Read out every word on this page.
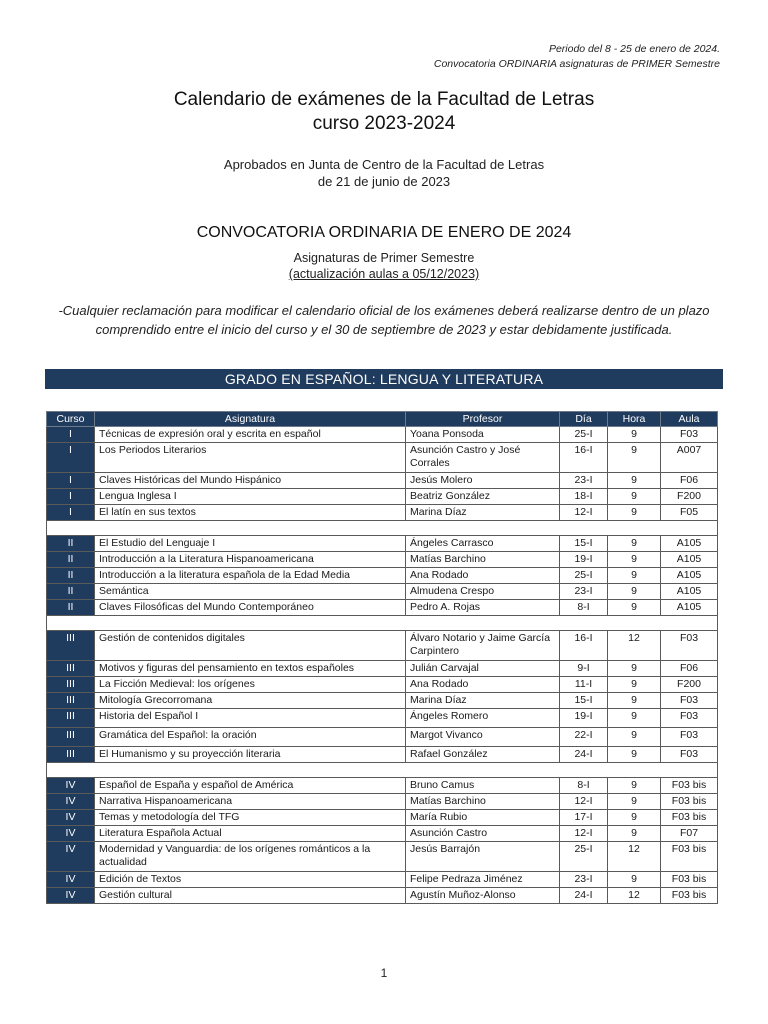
Periodo del 8 - 25 de enero de 2024.
Convocatoria ORDINARIA asignaturas de PRIMER Semestre
Calendario de exámenes de la Facultad de Letras
curso 2023-2024
Aprobados en Junta de Centro de la Facultad de Letras
de 21 de junio de 2023
CONVOCATORIA ORDINARIA DE ENERO DE 2024
Asignaturas de Primer Semestre
(actualización aulas a 05/12/2023)
-Cualquier reclamación para modificar el calendario oficial de los exámenes deberá realizarse dentro de un plazo comprendido entre el inicio del curso y el 30 de septiembre de 2023 y estar debidamente justificada.
GRADO EN ESPAÑOL: LENGUA Y LITERATURA
Curso	Asignatura	Profesor	Día	Hora	Aula
I	Técnicas de expresión oral y escrita en español	Yoana Ponsoda	25-I	9	F03
I	Los Periodos Literarios	Asunción Castro y José Corrales	16-I	9	A007
I	Claves Históricas del Mundo Hispánico	Jesús Molero	23-I	9	F06
I	Lengua Inglesa I	Beatriz González	18-I	9	F200
I	El latín en sus textos	Marina Díaz	12-I	9	F05

II	El Estudio del Lenguaje I	Ángeles Carrasco	15-I	9	A105
II	Introducción a la Literatura Hispanoamericana	Matías Barchino	19-I	9	A105
II	Introducción a la literatura española de la Edad Media	Ana Rodado	25-I	9	A105
II	Semántica	Almudena Crespo	23-I	9	A105
II	Claves Filosóficas del Mundo Contemporáneo	Pedro A. Rojas	8-I	9	A105

III	Gestión de contenidos digitales	Álvaro Notario y Jaime García Carpintero	16-I	12	F03
III	Motivos y figuras del pensamiento en textos españoles	Julián Carvajal	9-I	9	F06
III	La Ficción Medieval: los orígenes	Ana Rodado	11-I	9	F200
III	Mitología Grecorromana	Marina Díaz	15-I	9	F03
III	Historia del Español I	Ángeles Romero	19-I	9	F03
III	Gramática del Español: la oración	Margot Vivanco	22-I	9	F03
III	El Humanismo y su proyección literaria	Rafael González	24-I	9	F03

IV	Español de España y español de América	Bruno Camus	8-I	9	F03 bis
IV	Narrativa Hispanoamericana	Matías Barchino	12-I	9	F03 bis
IV	Temas y metodología del TFG	María Rubio	17-I	9	F03 bis
IV	Literatura Española Actual	Asunción Castro	12-I	9	F07
IV	Modernidad y Vanguardia: de los orígenes románticos a la actualidad	Jesús Barrajón	25-I	12	F03 bis
IV	Edición de Textos	Felipe Pedraza Jiménez	23-I	9	F03 bis
IV	Gestión cultural	Agustín Muñoz-Alonso	24-I	12	F03 bis
1
